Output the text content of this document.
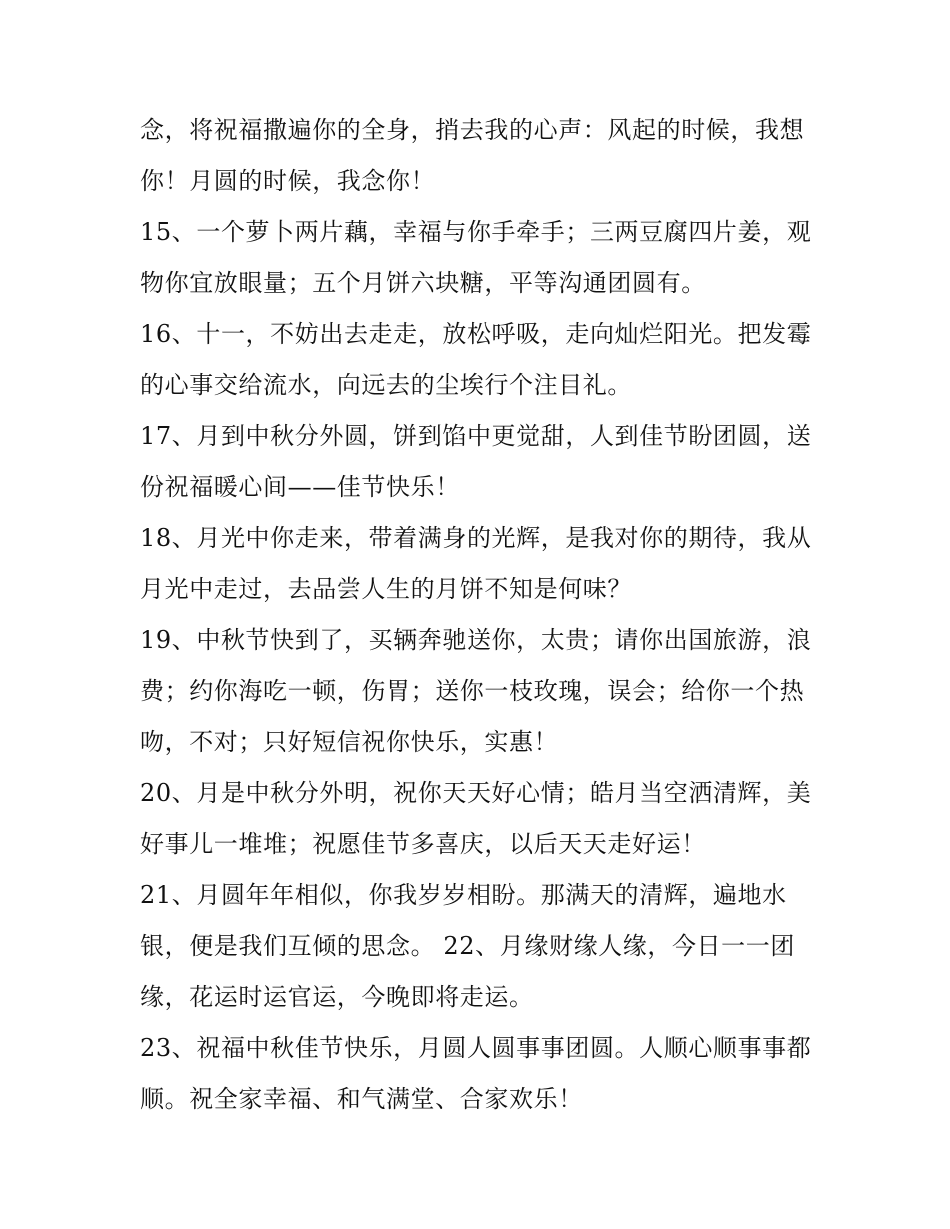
念，将祝福撒遍你的全身，捎去我的心声：风起的时候，我想
你！月圆的时候，我念你！
15、一个萝卜两片藕，幸福与你手牵手；三两豆腐四片姜，观
物你宜放眼量；五个月饼六块糖，平等沟通团圆有。
16、十一，不妨出去走走，放松呼吸，走向灿烂阳光。把发霉
的心事交给流水，向远去的尘埃行个注目礼。
17、月到中秋分外圆，饼到馅中更觉甜，人到佳节盼团圆，送
份祝福暖心间——佳节快乐！
18、月光中你走来，带着满身的光辉，是我对你的期待，我从
月光中走过，去品尝人生的月饼不知是何味？
19、中秋节快到了，买辆奔驰送你，太贵；请你出国旅游，浪
费；约你海吃一顿，伤胃；送你一枝玫瑰，误会；给你一个热
吻，不对；只好短信祝你快乐，实惠！
20、月是中秋分外明，祝你天天好心情；皓月当空洒清辉，美
好事儿一堆堆；祝愿佳节多喜庆，以后天天走好运！
21、月圆年年相似，你我岁岁相盼。那满天的清辉，遍地水
银，便是我们互倾的思念。 22、月缘财缘人缘，今日一一团
缘，花运时运官运，今晚即将走运。
23、祝福中秋佳节快乐，月圆人圆事事团圆。人顺心顺事事都
顺。祝全家幸福、和气满堂、合家欢乐！
